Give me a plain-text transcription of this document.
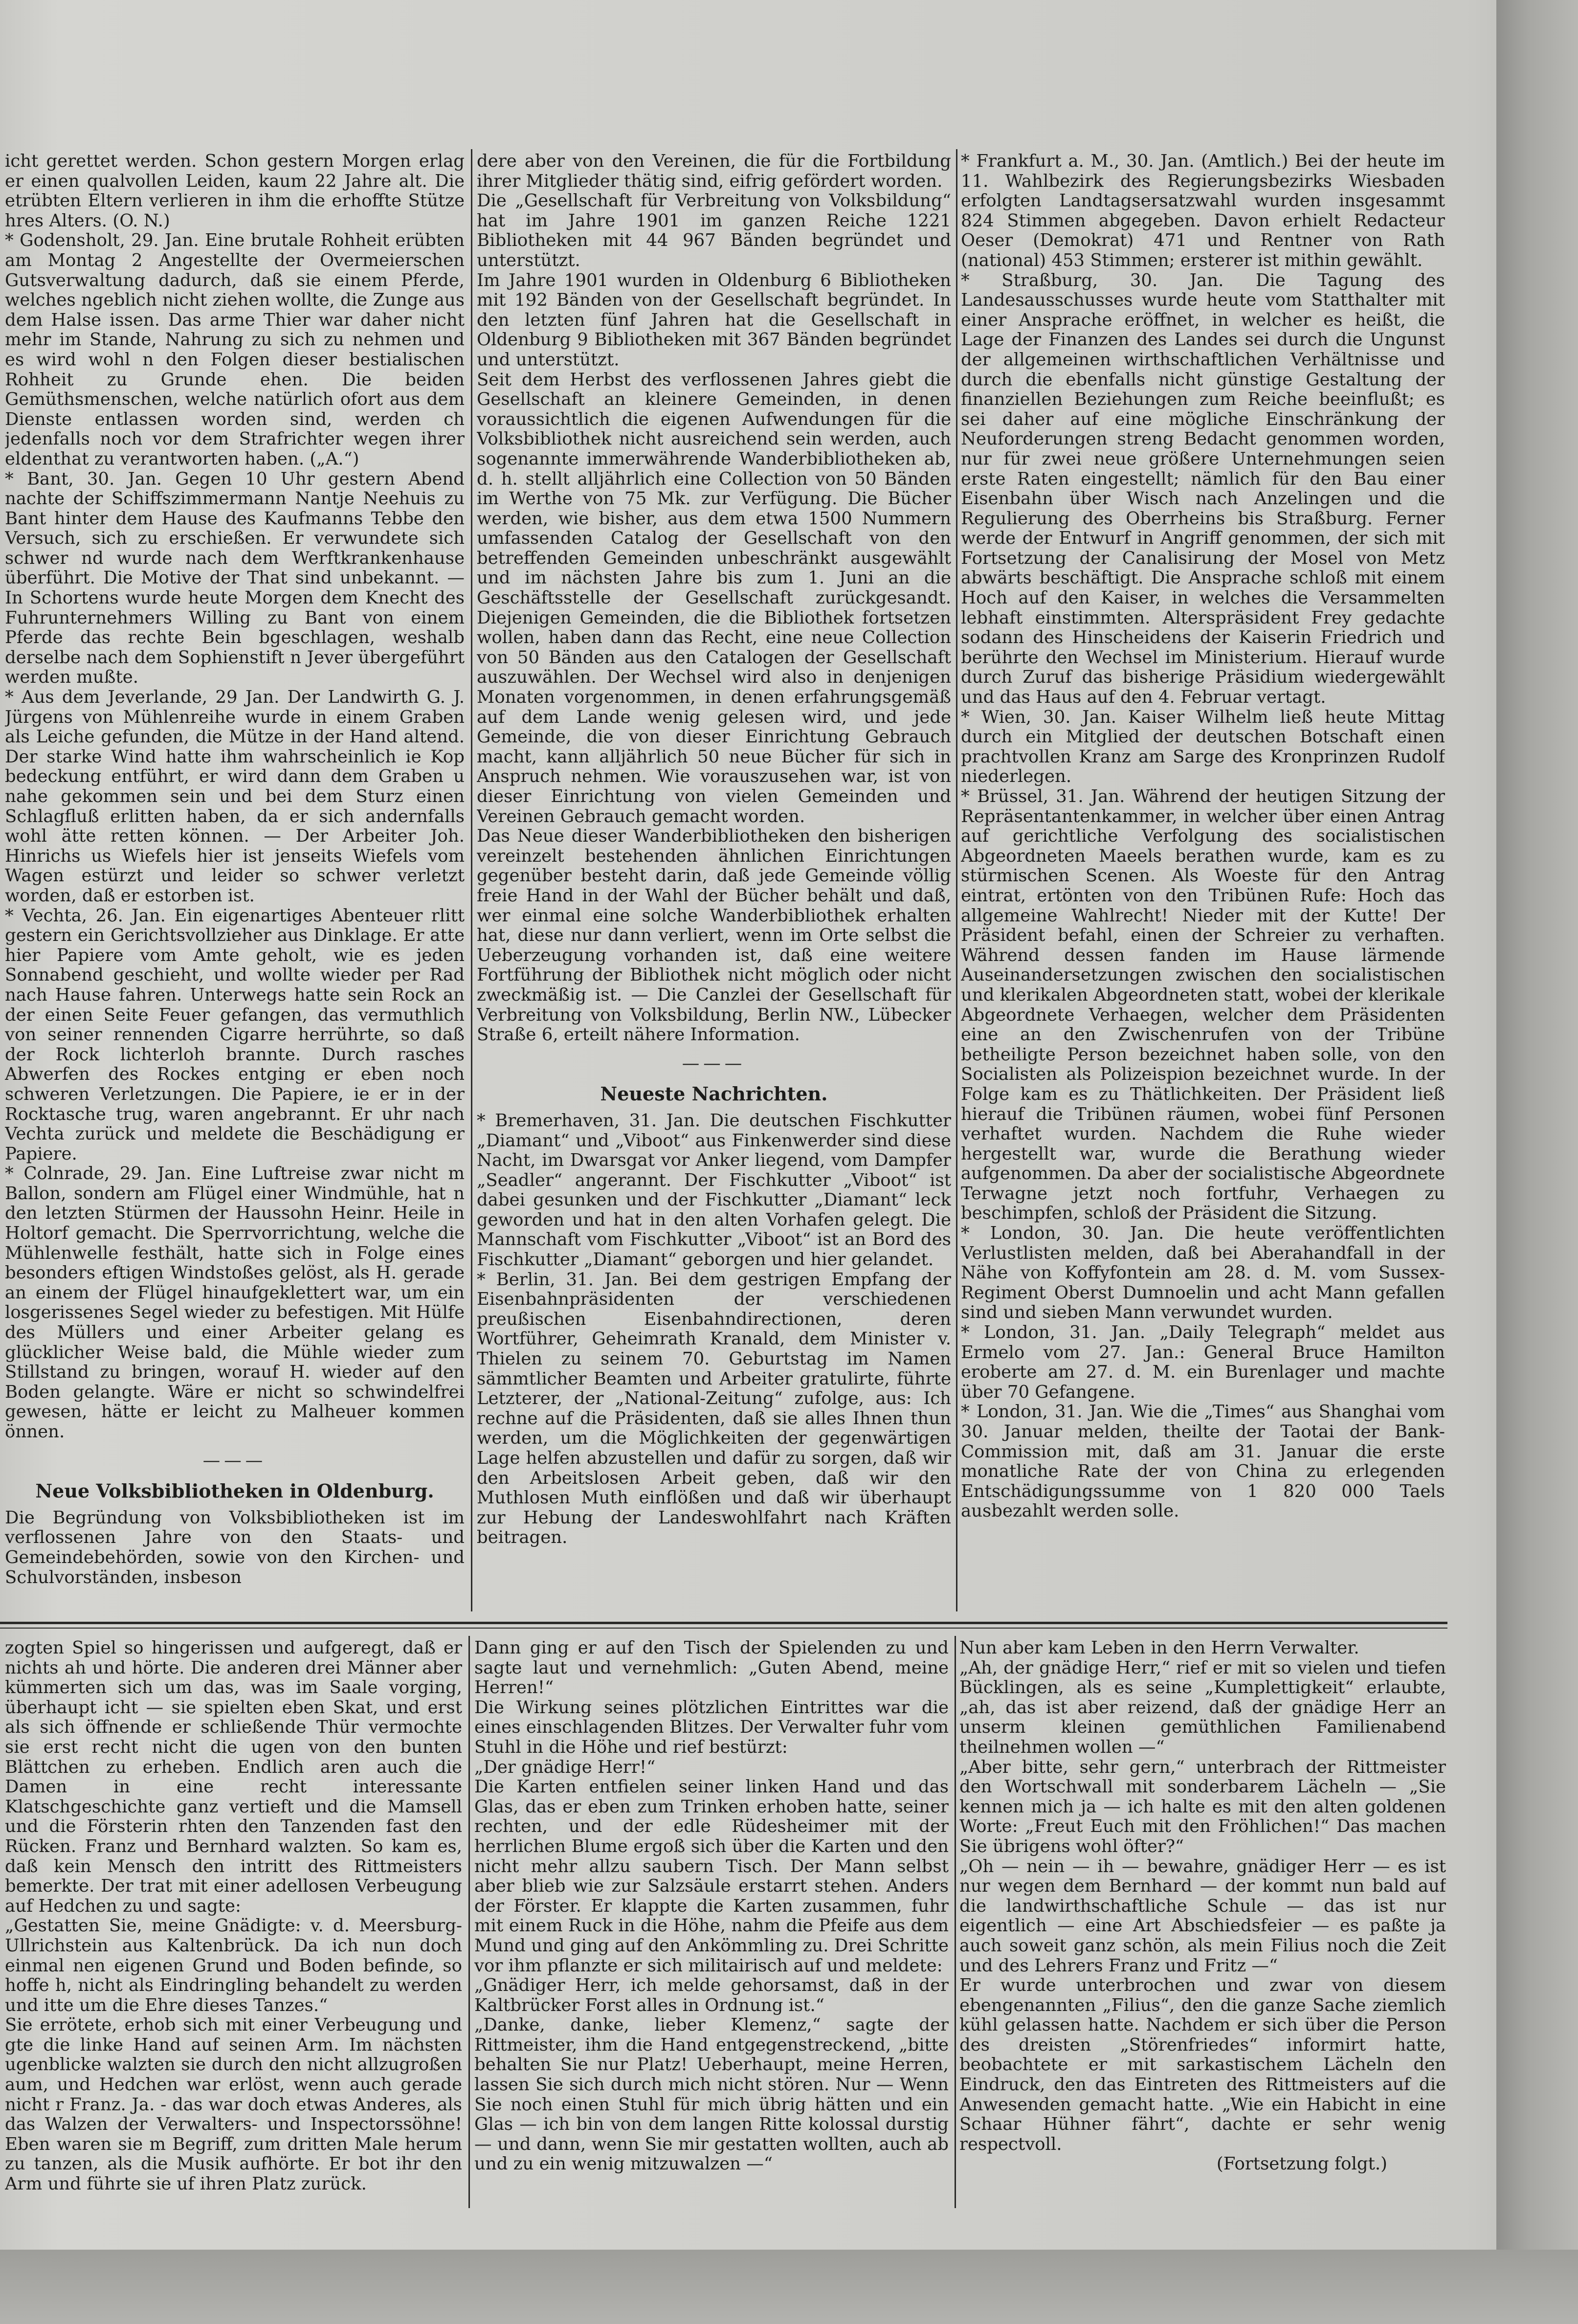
icht gerettet werden. Schon gestern Morgen erlag er einen qualvollen Leiden, kaum 22 Jahre alt. Die etrübten Eltern verlieren in ihm die erhoffte Stütze hres Alters. (O. N.)

* Godensholt, 29. Jan. Eine brutale Rohheit erübten am Montag 2 Angestellte der Overmeierschen Gutsverwaltung dadurch, daß sie einem Pferde, welches ngeblich nicht ziehen wollte, die Zunge aus dem Halse issen. Das arme Thier war daher nicht mehr im Stande, Nahrung zu sich zu nehmen und es wird wohl n den Folgen dieser bestialischen Rohheit zu Grunde ehen. Die beiden Gemüthsmenschen, welche natürlich ofort aus dem Dienste entlassen worden sind, werden ch jedenfalls noch vor dem Strafrichter wegen ihrer eldenthat zu verantworten haben. („A.“)

* Bant, 30. Jan. Gegen 10 Uhr gestern Abend nachte der Schiffszimmermann Nantje Neehuis zu Bant hinter dem Hause des Kaufmanns Tebbe den Versuch, sich zu erschießen. Er verwundete sich schwer nd wurde nach dem Werftkrankenhause überführt. Die Motive der That sind unbekannt. — In Schortens wurde heute Morgen dem Knecht des Fuhrunternehmers Willing zu Bant von einem Pferde das rechte Bein bgeschlagen, weshalb derselbe nach dem Sophienstift n Jever übergeführt werden mußte.

* Aus dem Jeverlande, 29 Jan. Der Landwirth G. J. Jürgens von Mühlenreihe wurde in einem Graben als Leiche gefunden, die Mütze in der Hand altend. Der starke Wind hatte ihm wahrscheinlich ie Kop bedeckung entführt, er wird dann dem Graben u nahe gekommen sein und bei dem Sturz einen Schlagfluß erlitten haben, da er sich andernfalls wohl ätte retten können. — Der Arbeiter Joh. Hinrichs us Wiefels hier ist jenseits Wiefels vom Wagen estürzt und leider so schwer verletzt worden, daß er estorben ist.

* Vechta, 26. Jan. Ein eigenartiges Abenteuer rlitt gestern ein Gerichtsvollzieher aus Dinklage. Er atte hier Papiere vom Amte geholt, wie es jeden Sonnabend geschieht, und wollte wieder per Rad nach Hause fahren. Unterwegs hatte sein Rock an der einen Seite Feuer gefangen, das vermuthlich von seiner rennenden Cigarre herrührte, so daß der Rock lichterloh brannte. Durch rasches Abwerfen des Rockes entging er eben noch schweren Verletzungen. Die Papiere, ie er in der Rocktasche trug, waren angebrannt. Er uhr nach Vechta zurück und meldete die Beschädigung er Papiere.

* Colnrade, 29. Jan. Eine Luftreise zwar nicht m Ballon, sondern am Flügel einer Windmühle, hat n den letzten Stürmen der Haussohn Heinr. Heile in Holtorf gemacht. Die Sperrvorrichtung, welche die Mühlenwelle festhält, hatte sich in Folge eines besonders eftigen Windstoßes gelöst, als H. gerade an einem der Flügel hinaufgeklettert war, um ein losgerissenes Segel wieder zu befestigen. Mit Hülfe des Müllers und einer Arbeiter gelang es glücklicher Weise bald, die Mühle wieder zum Stillstand zu bringen, worauf H. wieder auf den Boden gelangte. Wäre er nicht so schwindelfrei gewesen, hätte er leicht zu Malheuer kommen önnen.

———
Neue Volksbibliotheken in Oldenburg.

Die Begründung von Volksbibliotheken ist im verflossenen Jahre von den Staats- und Gemeindebehörden, sowie von den Kirchen- und Schulvorständen, insbeson

dere aber von den Vereinen, die für die Fortbildung ihrer Mitglieder thätig sind, eifrig gefördert worden.

Die „Gesellschaft für Verbreitung von Volksbildung“ hat im Jahre 1901 im ganzen Reiche 1221 Bibliotheken mit 44 967 Bänden begründet und unterstützt.

Im Jahre 1901 wurden in Oldenburg 6 Bibliotheken mit 192 Bänden von der Gesellschaft begründet. In den letzten fünf Jahren hat die Gesellschaft in Oldenburg 9 Bibliotheken mit 367 Bänden begründet und unterstützt.

Seit dem Herbst des verflossenen Jahres giebt die Gesellschaft an kleinere Gemeinden, in denen voraussichtlich die eigenen Aufwendungen für die Volksbibliothek nicht ausreichend sein werden, auch sogenannte immerwährende Wanderbibliotheken ab, d. h. stellt alljährlich eine Collection von 50 Bänden im Werthe von 75 Mk. zur Verfügung. Die Bücher werden, wie bisher, aus dem etwa 1500 Nummern umfassenden Catalog der Gesellschaft von den betreffenden Gemeinden unbeschränkt ausgewählt und im nächsten Jahre bis zum 1. Juni an die Geschäftsstelle der Gesellschaft zurückgesandt. Diejenigen Gemeinden, die die Bibliothek fortsetzen wollen, haben dann das Recht, eine neue Collection von 50 Bänden aus den Catalogen der Gesellschaft auszuwählen. Der Wechsel wird also in denjenigen Monaten vorgenommen, in denen erfahrungsgemäß auf dem Lande wenig gelesen wird, und jede Gemeinde, die von dieser Einrichtung Gebrauch macht, kann alljährlich 50 neue Bücher für sich in Anspruch nehmen. Wie vorauszusehen war, ist von dieser Einrichtung von vielen Gemeinden und Vereinen Gebrauch gemacht worden.

Das Neue dieser Wanderbibliotheken den bisherigen vereinzelt bestehenden ähnlichen Einrichtungen gegenüber besteht darin, daß jede Gemeinde völlig freie Hand in der Wahl der Bücher behält und daß, wer einmal eine solche Wanderbibliothek erhalten hat, diese nur dann verliert, wenn im Orte selbst die Ueberzeugung vorhanden ist, daß eine weitere Fortführung der Bibliothek nicht möglich oder nicht zweckmäßig ist. — Die Canzlei der Gesellschaft für Verbreitung von Volksbildung, Berlin NW., Lübecker Straße 6, erteilt nähere Information.

———
Neueste Nachrichten.

* Bremerhaven, 31. Jan. Die deutschen Fischkutter „Diamant“ und „Viboot“ aus Finkenwerder sind diese Nacht, im Dwarsgat vor Anker liegend, vom Dampfer „Seadler“ angerannt. Der Fischkutter „Viboot“ ist dabei gesunken und der Fischkutter „Diamant“ leck geworden und hat in den alten Vorhafen gelegt. Die Mannschaft vom Fischkutter „Viboot“ ist an Bord des Fischkutter „Diamant“ geborgen und hier gelandet.

* Berlin, 31. Jan. Bei dem gestrigen Empfang der Eisenbahnpräsidenten der verschiedenen preußischen Eisenbahndirectionen, deren Wortführer, Geheimrath Kranald, dem Minister v. Thielen zu seinem 70. Geburtstag im Namen sämmtlicher Beamten und Arbeiter gratulirte, führte Letzterer, der „National-Zeitung“ zufolge, aus: Ich rechne auf die Präsidenten, daß sie alles Ihnen thun werden, um die Möglichkeiten der gegenwärtigen Lage helfen abzustellen und dafür zu sorgen, daß wir den Arbeitslosen Arbeit geben, daß wir den Muthlosen Muth einflößen und daß wir überhaupt zur Hebung der Landeswohlfahrt nach Kräften beitragen.

* Frankfurt a. M., 30. Jan. (Amtlich.) Bei der heute im 11. Wahlbezirk des Regierungsbezirks Wiesbaden erfolgten Landtagsersatzwahl wurden insgesammt 824 Stimmen abgegeben. Davon erhielt Redacteur Oeser (Demokrat) 471 und Rentner von Rath (national) 453 Stimmen; ersterer ist mithin gewählt.

* Straßburg, 30. Jan. Die Tagung des Landesausschusses wurde heute vom Statthalter mit einer Ansprache eröffnet, in welcher es heißt, die Lage der Finanzen des Landes sei durch die Ungunst der allgemeinen wirthschaftlichen Verhältnisse und durch die ebenfalls nicht günstige Gestaltung der finanziellen Beziehungen zum Reiche beeinflußt; es sei daher auf eine mögliche Einschränkung der Neuforderungen streng Bedacht genommen worden, nur für zwei neue größere Unternehmungen seien erste Raten eingestellt; nämlich für den Bau einer Eisenbahn über Wisch nach Anzelingen und die Regulierung des Oberrheins bis Straßburg. Ferner werde der Entwurf in Angriff genommen, der sich mit Fortsetzung der Canalisirung der Mosel von Metz abwärts beschäftigt. Die Ansprache schloß mit einem Hoch auf den Kaiser, in welches die Versammelten lebhaft einstimmten. Alterspräsident Frey gedachte sodann des Hinscheidens der Kaiserin Friedrich und berührte den Wechsel im Ministerium. Hierauf wurde durch Zuruf das bisherige Präsidium wiedergewählt und das Haus auf den 4. Februar vertagt.

* Wien, 30. Jan. Kaiser Wilhelm ließ heute Mittag durch ein Mitglied der deutschen Botschaft einen prachtvollen Kranz am Sarge des Kronprinzen Rudolf niederlegen.

* Brüssel, 31. Jan. Während der heutigen Sitzung der Repräsentantenkammer, in welcher über einen Antrag auf gerichtliche Verfolgung des socialistischen Abgeordneten Maeels berathen wurde, kam es zu stürmischen Scenen. Als Woeste für den Antrag eintrat, ertönten von den Tribünen Rufe: Hoch das allgemeine Wahlrecht! Nieder mit der Kutte! Der Präsident befahl, einen der Schreier zu verhaften. Während dessen fanden im Hause lärmende Auseinandersetzungen zwischen den socialistischen und klerikalen Abgeordneten statt, wobei der klerikale Abgeordnete Verhaegen, welcher dem Präsidenten eine an den Zwischenrufen von der Tribüne betheiligte Person bezeichnet haben solle, von den Socialisten als Polizeispion bezeichnet wurde. In der Folge kam es zu Thätlichkeiten. Der Präsident ließ hierauf die Tribünen räumen, wobei fünf Personen verhaftet wurden. Nachdem die Ruhe wieder hergestellt war, wurde die Berathung wieder aufgenommen. Da aber der socialistische Abgeordnete Terwagne jetzt noch fortfuhr, Verhaegen zu beschimpfen, schloß der Präsident die Sitzung.

* London, 30. Jan. Die heute veröffentlichten Verlustlisten melden, daß bei Aberahandfall in der Nähe von Koffyfontein am 28. d. M. vom Sussex-Regiment Oberst Dumnoelin und acht Mann gefallen sind und sieben Mann verwundet wurden.

* London, 31. Jan. „Daily Telegraph“ meldet aus Ermelo vom 27. Jan.: General Bruce Hamilton eroberte am 27. d. M. ein Burenlager und machte über 70 Gefangene.

* London, 31. Jan. Wie die „Times“ aus Shanghai vom 30. Januar melden, theilte der Taotai der Bank-Commission mit, daß am 31. Januar die erste monatliche Rate der von China zu erlegenden Entschädigungssumme von 1 820 000 Taels ausbezahlt werden solle.

zogten Spiel so hingerissen und aufgeregt, daß er nichts ah und hörte. Die anderen drei Männer aber kümmerten sich um das, was im Saale vorging, überhaupt icht — sie spielten eben Skat, und erst als sich öffnende er schließende Thür vermochte sie erst recht nicht die ugen von den bunten Blättchen zu erheben. Endlich aren auch die Damen in eine recht interessante Klatschgeschichte ganz vertieft und die Mamsell und die Försterin rhten den Tanzenden fast den Rücken. Franz und Bernhard walzten. So kam es, daß kein Mensch den intritt des Rittmeisters bemerkte. Der trat mit einer adellosen Verbeugung auf Hedchen zu und sagte:

„Gestatten Sie, meine Gnädigte: v. d. Meersburg-Ullrichstein aus Kaltenbrück. Da ich nun doch einmal nen eigenen Grund und Boden befinde, so hoffe h, nicht als Eindringling behandelt zu werden und itte um die Ehre dieses Tanzes.“

Sie errötete, erhob sich mit einer Verbeugung und gte die linke Hand auf seinen Arm. Im nächsten ugenblicke walzten sie durch den nicht allzugroßen aum, und Hedchen war erlöst, wenn auch gerade nicht r Franz. Ja. - das war doch etwas Anderes, als das Walzen der Verwalters- und Inspectorssöhne! Eben waren sie m Begriff, zum dritten Male herum zu tanzen, als die Musik aufhörte. Er bot ihr den Arm und führte sie uf ihren Platz zurück.

Dann ging er auf den Tisch der Spielenden zu und sagte laut und vernehmlich: „Guten Abend, meine Herren!“

Die Wirkung seines plötzlichen Eintrittes war die eines einschlagenden Blitzes. Der Verwalter fuhr vom Stuhl in die Höhe und rief bestürzt:

„Der gnädige Herr!“

Die Karten entfielen seiner linken Hand und das Glas, das er eben zum Trinken erhoben hatte, seiner rechten, und der edle Rüdesheimer mit der herrlichen Blume ergoß sich über die Karten und den nicht mehr allzu saubern Tisch. Der Mann selbst aber blieb wie zur Salzsäule erstarrt stehen. Anders der Förster. Er klappte die Karten zusammen, fuhr mit einem Ruck in die Höhe, nahm die Pfeife aus dem Mund und ging auf den Ankömmling zu. Drei Schritte vor ihm pflanzte er sich militairisch auf und meldete:

„Gnädiger Herr, ich melde gehorsamst, daß in der Kaltbrücker Forst alles in Ordnung ist.“

„Danke, danke, lieber Klemenz,“ sagte der Rittmeister, ihm die Hand entgegenstreckend, „bitte behalten Sie nur Platz! Ueberhaupt, meine Herren, lassen Sie sich durch mich nicht stören. Nur — Wenn Sie noch einen Stuhl für mich übrig hätten und ein Glas — ich bin von dem langen Ritte kolossal durstig — und dann, wenn Sie mir gestatten wollten, auch ab und zu ein wenig mitzuwalzen —“

Nun aber kam Leben in den Herrn Verwalter.

„Ah, der gnädige Herr,“ rief er mit so vielen und tiefen Bücklingen, als es seine „Kumplettigkeit“ erlaubte, „ah, das ist aber reizend, daß der gnädige Herr an unserm kleinen gemüthlichen Familienabend theilnehmen wollen —“

„Aber bitte, sehr gern,“ unterbrach der Rittmeister den Wortschwall mit sonderbarem Lächeln — „Sie kennen mich ja — ich halte es mit den alten goldenen Worte: „Freut Euch mit den Fröhlichen!“ Das machen Sie übrigens wohl öfter?“

„Oh — nein — ih — bewahre, gnädiger Herr — es ist nur wegen dem Bernhard — der kommt nun bald auf die landwirthschaftliche Schule — das ist nur eigentlich — eine Art Abschiedsfeier — es paßte ja auch soweit ganz schön, als mein Filius noch die Zeit und des Lehrers Franz und Fritz —“

Er wurde unterbrochen und zwar von diesem ebengenannten „Filius“, den die ganze Sache ziemlich kühl gelassen hatte. Nachdem er sich über die Person des dreisten „Störenfriedes“ informirt hatte, beobachtete er mit sarkastischem Lächeln den Eindruck, den das Eintreten des Rittmeisters auf die Anwesenden gemacht hatte. „Wie ein Habicht in eine Schaar Hühner fährt“, dachte er sehr wenig respectvoll.

(Fortsetzung folgt.)
